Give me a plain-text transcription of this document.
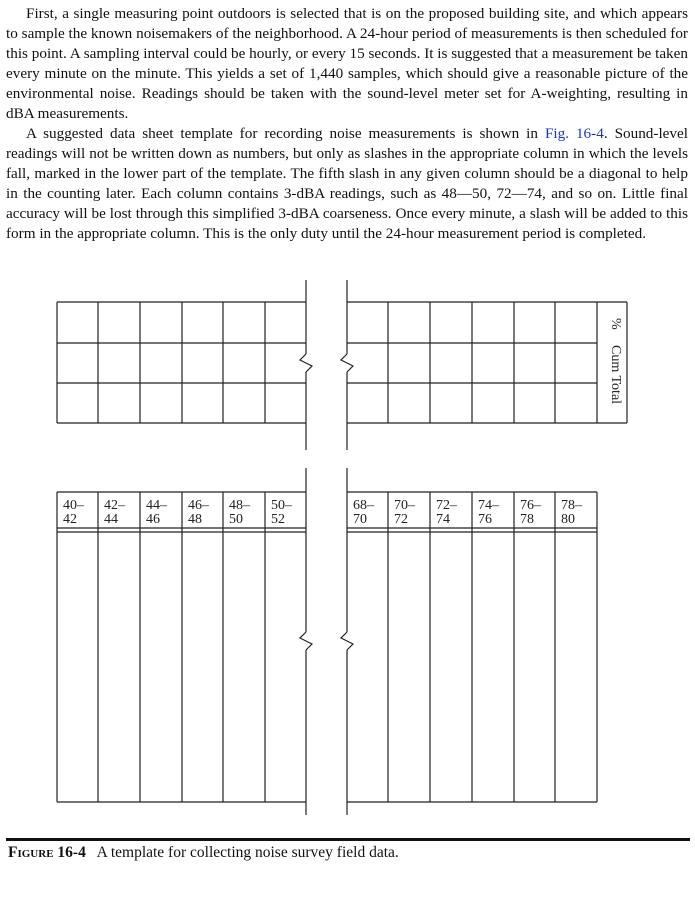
First, a single measuring point outdoors is selected that is on the proposed building site, and which appears to sample the known noisemakers of the neighborhood. A 24-hour period of measurements is then scheduled for this point. A sampling interval could be hourly, or every 15 seconds. It is suggested that a measurement be taken every minute on the minute. This yields a set of 1,440 samples, which should give a reasonable picture of the environmental noise. Readings should be taken with the sound-level meter set for A-weighting, resulting in dBA measurements.

A suggested data sheet template for recording noise measurements is shown in Fig. 16-4. Sound-level readings will not be written down as numbers, but only as slashes in the appropriate column in which the levels fall, marked in the lower part of the template. The fifth slash in any given column should be a diagonal to help in the counting later. Each column contains 3-dBA readings, such as 48—50, 72—74, and so on. Little final accuracy will be lost through this simplified 3-dBA coarseness. Once every minute, a slash will be added to this form in the appropriate column. This is the only duty until the 24-hour measurement period is completed.

40–
42
42–
44
44–
46
46–
48
48–
50
50–
52
68–
70
70–
72
72–
74
74–
76
76–
78
78–
80
%
Cum Total
Figure 16-4 A template for collecting noise survey field data.
